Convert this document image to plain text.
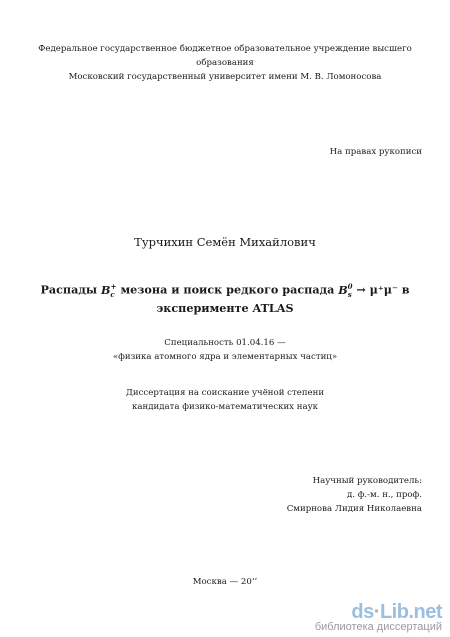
Федеральное государственное бюджетное образовательное учреждение высшего
образования
Московский государственный университет имени М. В. Ломоносова
На правах рукописи
Турчихин Семён Михайлович
Распады $B_c^+$ мезона и поиск редкого распада $B_s^0 \to \mu^+\mu^-$ в
эксперименте ATLAS
Специальность 01.04.16 —
«физика атомного ядра и элементарных частиц»
Диссертация на соискание учёной степени
кандидата физико-математических наук
Научный руководитель:
д. ф.-м. н., проф.
Смирнова Лидия Николаевна
Москва — 20‘’
ds·Lib.net
библиотека диссертаций
